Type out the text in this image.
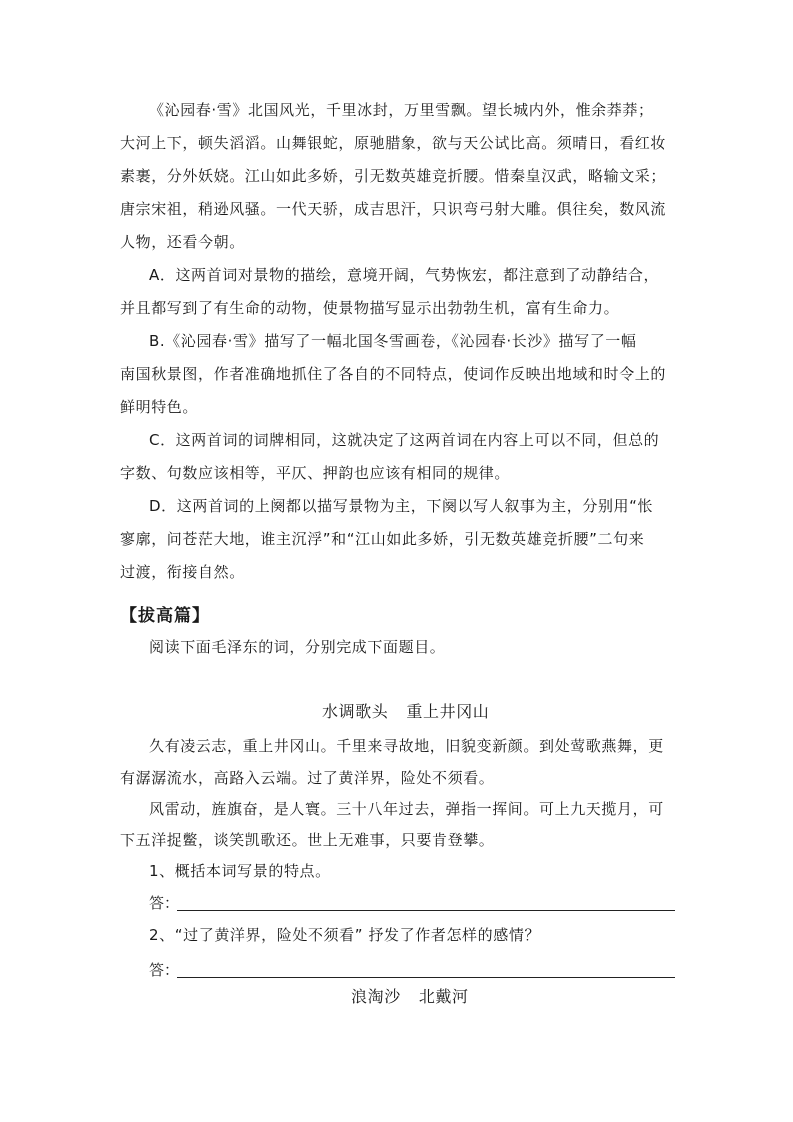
《沁园春·雪》北国风光，千里冰封，万里雪飘。望长城内外，惟余莽莽；
大河上下，顿失滔滔。山舞银蛇，原驰腊象，欲与天公试比高。须晴日，看红妆
素裹，分外妖娆。江山如此多娇，引无数英雄竞折腰。惜秦皇汉武，略输文采；
唐宗宋祖，稍逊风骚。一代天骄，成吉思汗，只识弯弓射大雕。俱往矣，数风流
人物，还看今朝。
A．这两首词对景物的描绘，意境开阔，气势恢宏，都注意到了动静结合，
并且都写到了有生命的动物，使景物描写显示出勃勃生机，富有生命力。
B.《沁园春·雪》描写了一幅北国冬雪画卷，《沁园春·长沙》描写了一幅
南国秋景图，作者准确地抓住了各自的不同特点，使词作反映出地域和时令上的
鲜明特色。
C．这两首词的词牌相同，这就决定了这两首词在内容上可以不同，但总的
字数、句数应该相等，平仄、押韵也应该有相同的规律。
D．这两首词的上阕都以描写景物为主，下阕以写人叙事为主，分别用“怅
寥廓，问苍茫大地，谁主沉浮”和“江山如此多娇，引无数英雄竞折腰”二句来
过渡，衔接自然。
【拔高篇】
阅读下面毛泽东的词，分别完成下面题目。
水调歌头 重上井冈山
久有凌云志，重上井冈山。千里来寻故地，旧貌变新颜。到处莺歌燕舞，更
有潺潺流水，高路入云端。过了黄洋界，险处不须看。
风雷动，旌旗奋，是人寰。三十八年过去，弹指一挥间。可上九天揽月，可
下五洋捉鳖，谈笑凯歌还。世上无难事，只要肯登攀。
1、概括本词写景的特点。
答：
2、“过了黄洋界，险处不须看” 抒发了作者怎样的感情？
答：
浪淘沙 北戴河
